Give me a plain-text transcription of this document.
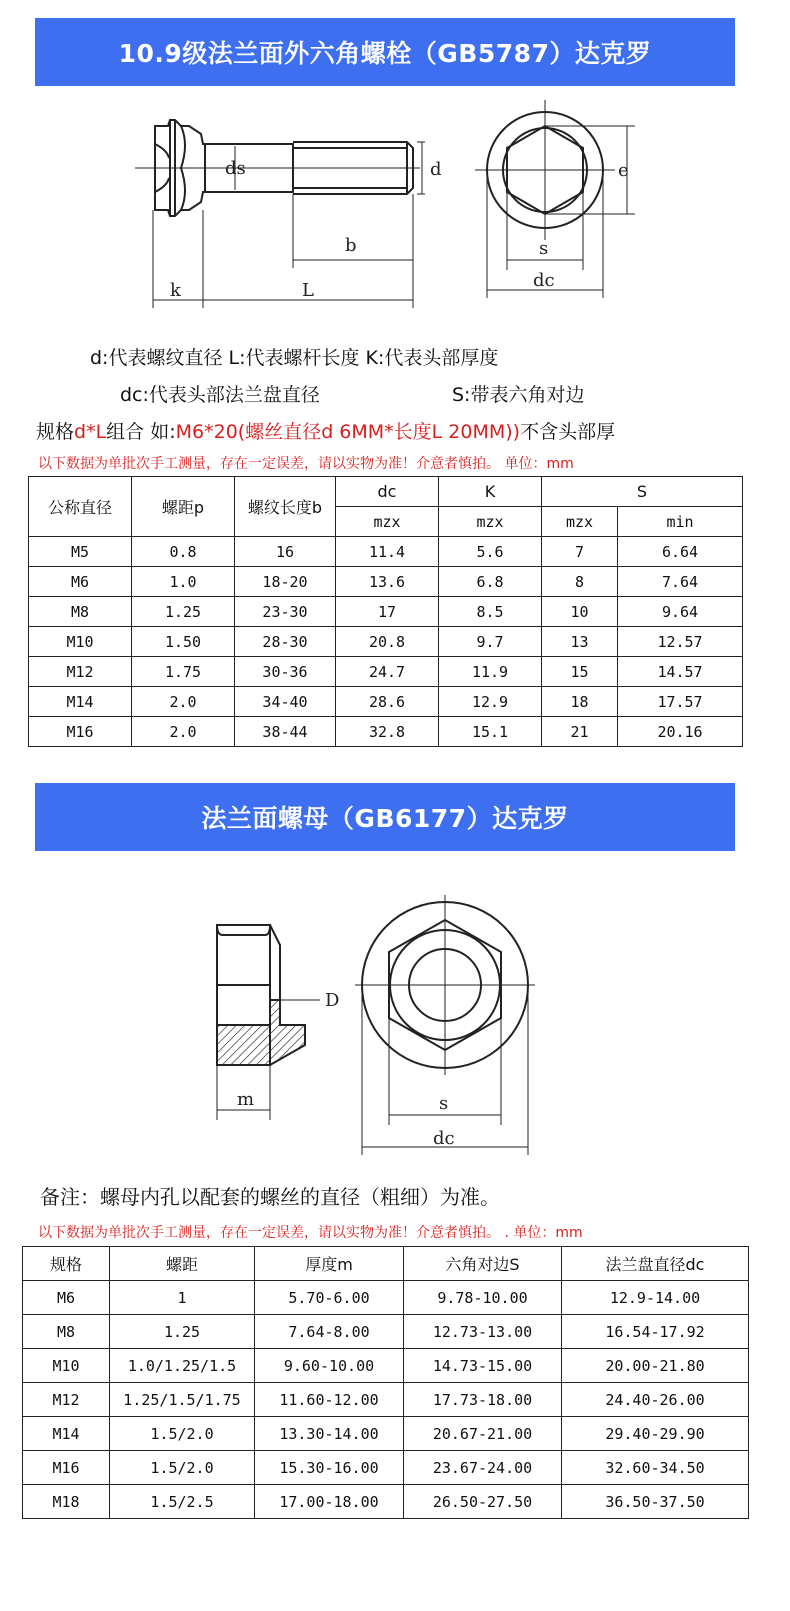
10.9级法兰面外六角螺栓（GB5787）达克罗
ds	d
b
k	L
e
s
dc
d:代表螺纹直径 L:代表螺杆长度 K:代表头部厚度
dc:代表头部法兰盘直径	S:带表六角对边
规格d*L组合 如:M6*20(螺丝直径d 6MM*长度L 20MM))不含头部厚
以下数据为单批次手工测量，存在一定误差，请以实物为准！介意者慎拍。 单位：mm
公称直径	螺距p	螺纹长度b	dc	K	S	
			mzx	mzx	mzx	min
M5	0.8	16	11.4	5.6	7	6.64
M6	1.0	18-20	13.6	6.8	8	7.64
M8	1.25	23-30	17	8.5	10	9.64
M10	1.50	28-30	20.8	9.7	13	12.57
M12	1.75	30-36	24.7	11.9	15	14.57
M14	2.0	34-40	28.6	12.9	18	17.57
M16	2.0	38-44	32.8	15.1	21	20.16
法兰面螺母（GB6177）达克罗
D
m	s
dc
备注：螺母内孔以配套的螺丝的直径（粗细）为准。
以下数据为单批次手工测量，存在一定误差，请以实物为准！介意者慎拍。 . 单位：mm
规格	螺距	厚度m	六角对边S	法兰盘直径dc
M6	1	5.70-6.00	9.78-10.00	12.9-14.00
M8	1.25	7.64-8.00	12.73-13.00	16.54-17.92
M10	1.0/1.25/1.5	9.60-10.00	14.73-15.00	20.00-21.80
M12	1.25/1.5/1.75	11.60-12.00	17.73-18.00	24.40-26.00
M14	1.5/2.0	13.30-14.00	20.67-21.00	29.40-29.90
M16	1.5/2.0	15.30-16.00	23.67-24.00	32.60-34.50
M18	1.5/2.5	17.00-18.00	26.50-27.50	36.50-37.50
